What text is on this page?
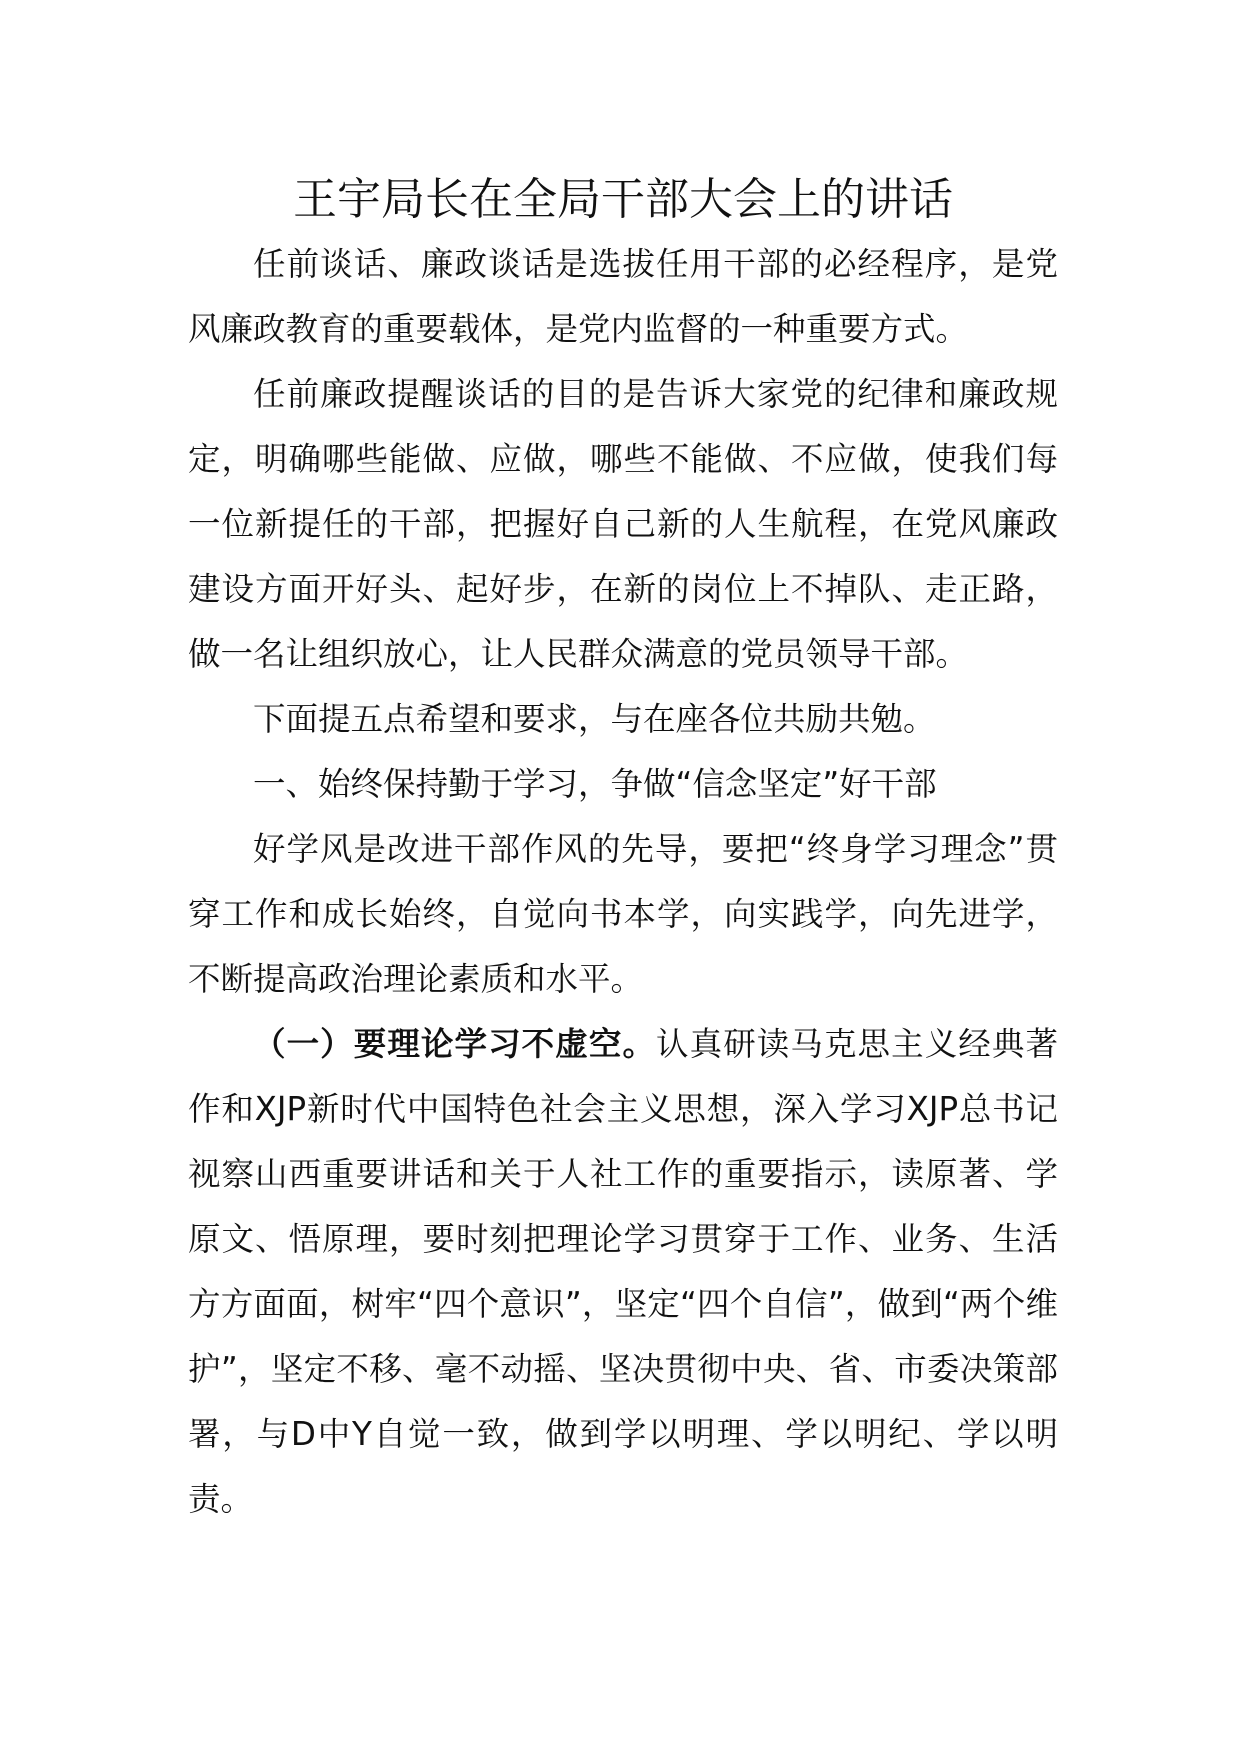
王宇局长在全局干部大会上的讲话

任前谈话、廉政谈话是选拔任用干部的必经程序，是党风廉政教育的重要载体，是党内监督的一种重要方式。

任前廉政提醒谈话的目的是告诉大家党的纪律和廉政规定，明确哪些能做、应做，哪些不能做、不应做，使我们每一位新提任的干部，把握好自己新的人生航程，在党风廉政建设方面开好头、起好步，在新的岗位上不掉队、走正路，做一名让组织放心，让人民群众满意的党员领导干部。

下面提五点希望和要求，与在座各位共励共勉。

一、始终保持勤于学习，争做“信念坚定”好干部

好学风是改进干部作风的先导，要把“终身学习理念”贯穿工作和成长始终，自觉向书本学，向实践学，向先进学，不断提高政治理论素质和水平。

（一）要理论学习不虚空。认真研读马克思主义经典著作和XJP新时代中国特色社会主义思想，深入学习XJP总书记视察山西重要讲话和关于人社工作的重要指示，读原著、学原文、悟原理，要时刻把理论学习贯穿于工作、业务、生活方方面面，树牢“四个意识”，坚定“四个自信”，做到“两个维护”，坚定不移、毫不动摇、坚决贯彻中央、省、市委决策部署，与D中Y自觉一致，做到学以明理、学以明纪、学以明责。
